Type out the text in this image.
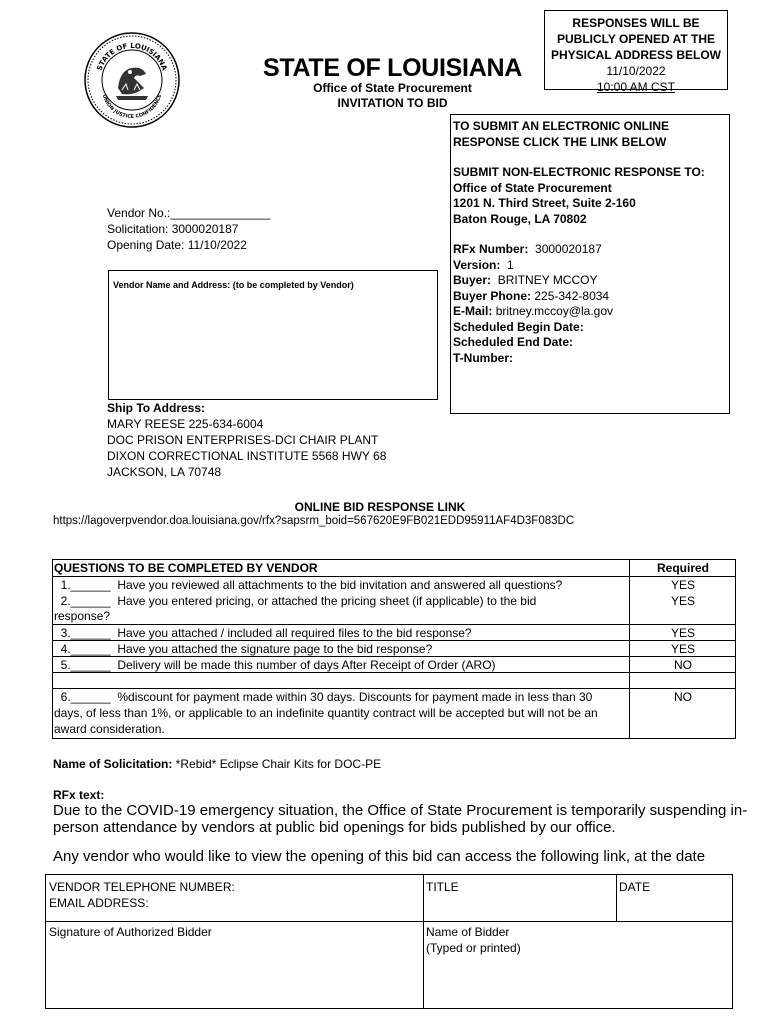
STATE OF LOUISIANA
UNION JUSTICE CONFIDENCE
STATE OF LOUISIANA
Office of State Procurement
INVITATION TO BID
RESPONSES WILL BE
PUBLICLY OPENED AT THE
PHYSICAL ADDRESS BELOW
11/10/2022
10:00 AM CST
TO SUBMIT AN ELECTRONIC ONLINE
RESPONSE CLICK THE LINK BELOW
SUBMIT NON-ELECTRONIC RESPONSE TO:
Office of State Procurement
1201 N. Third Street, Suite 2-160
Baton Rouge, LA 70802
RFx Number: 3000020187
Version: 1
Buyer: BRITNEY MCCOY
Buyer Phone: 225-342-8034
E-Mail: britney.mccoy@la.gov
Scheduled Begin Date:
Scheduled End Date:
T-Number:
Vendor No.:_______________
Solicitation: 3000020187
Opening Date: 11/10/2022
Vendor Name and Address: (to be completed by Vendor)
Ship To Address:
MARY REESE 225-634-6004
DOC PRISON ENTERPRISES-DCI CHAIR PLANT
DIXON CORRECTIONAL INSTITUTE 5568 HWY 68
JACKSON, LA 70748
ONLINE BID RESPONSE LINK
https://lagoverpvendor.doa.louisiana.gov/rfx?sapsrm_boid=567620E9FB021EDD95911AF4D3F083DC
QUESTIONS TO BE COMPLETED BY VENDOR	Required
1.______  Have you reviewed all attachments to the bid invitation and answered all questions?	YES
2.______  Have you entered pricing, or attached the pricing sheet (if applicable) to the bid
response?
YES
3.______  Have you attached / included all required files to the bid response?	YES
4.______  Have you attached the signature page to the bid response?	YES
5.______  Delivery will be made this number of days After Receipt of Order (ARO)	NO
6.______  %discount for payment made within 30 days. Discounts for payment made in less than 30
days, of less than 1%, or applicable to an indefinite quantity contract will be accepted but will not be an
award consideration.
NO
Name of Solicitation: *Rebid* Eclipse Chair Kits for DOC-PE
RFx text:
Due to the COVID-19 emergency situation, the Office of State Procurement is temporarily suspending in-person attendance by vendors at public bid openings for bids published by our office.
Any vendor who would like to view the opening of this bid can access the following link, at the date
VENDOR TELEPHONE NUMBER:
EMAIL ADDRESS:
TITLE	DATE
Signature of Authorized Bidder	Name of Bidder
(Typed or printed)
